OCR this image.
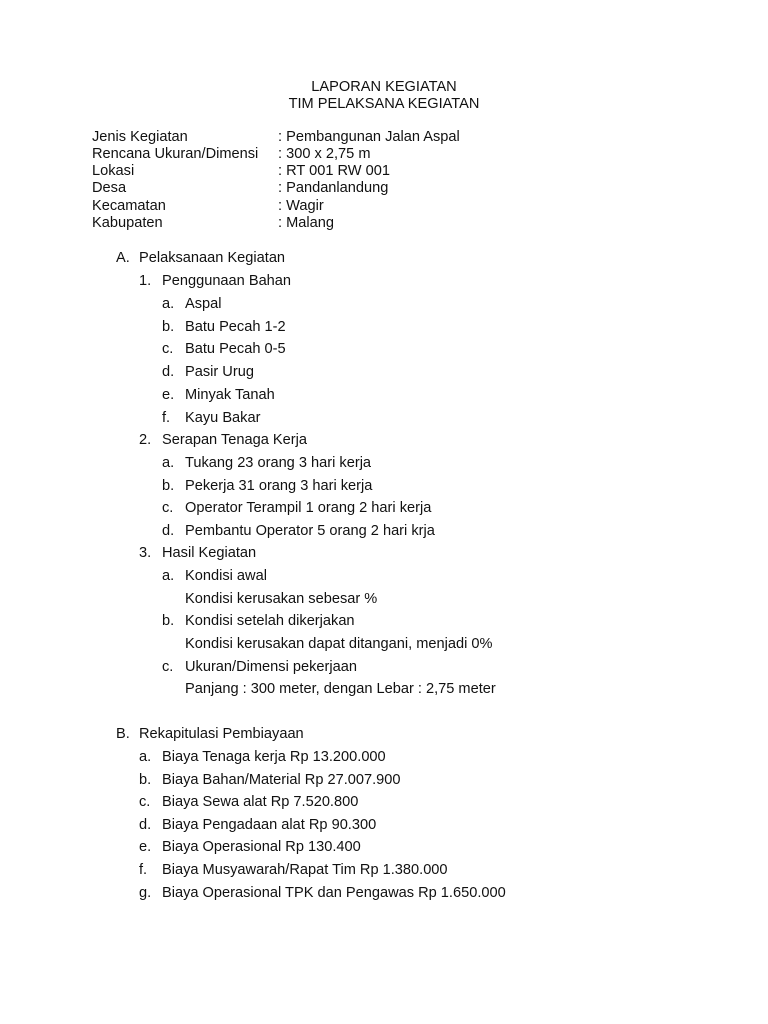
LAPORAN KEGIATAN
TIM PELAKSANA KEGIATAN
Jenis Kegiatan	: Pembangunan Jalan Aspal
Rencana Ukuran/Dimensi : 300 x 2,75 m
Lokasi	: RT 001 RW 001
Desa	: Pandanlandung
Kecamatan	: Wagir
Kabupaten	: Malang
A. Pelaksanaan Kegiatan
1. Penggunaan Bahan
a. Aspal
b. Batu Pecah 1-2
c. Batu Pecah 0-5
d. Pasir Urug
e. Minyak Tanah
f. Kayu Bakar
2. Serapan Tenaga Kerja
a. Tukang 23 orang 3 hari kerja
b. Pekerja 31 orang 3 hari kerja
c. Operator Terampil 1 orang 2 hari kerja
d. Pembantu Operator 5 orang 2 hari krja
3. Hasil Kegiatan
a. Kondisi awal
Kondisi kerusakan sebesar %
b. Kondisi setelah dikerjakan
Kondisi kerusakan dapat ditangani, menjadi 0%
c. Ukuran/Dimensi pekerjaan
Panjang : 300 meter, dengan Lebar : 2,75 meter
B. Rekapitulasi Pembiayaan
a. Biaya Tenaga kerja Rp 13.200.000
b. Biaya Bahan/Material Rp 27.007.900
c. Biaya Sewa alat Rp 7.520.800
d. Biaya Pengadaan alat Rp 90.300
e. Biaya Operasional Rp 130.400
f. Biaya Musyawarah/Rapat Tim Rp 1.380.000
g. Biaya Operasional TPK dan Pengawas Rp 1.650.000
